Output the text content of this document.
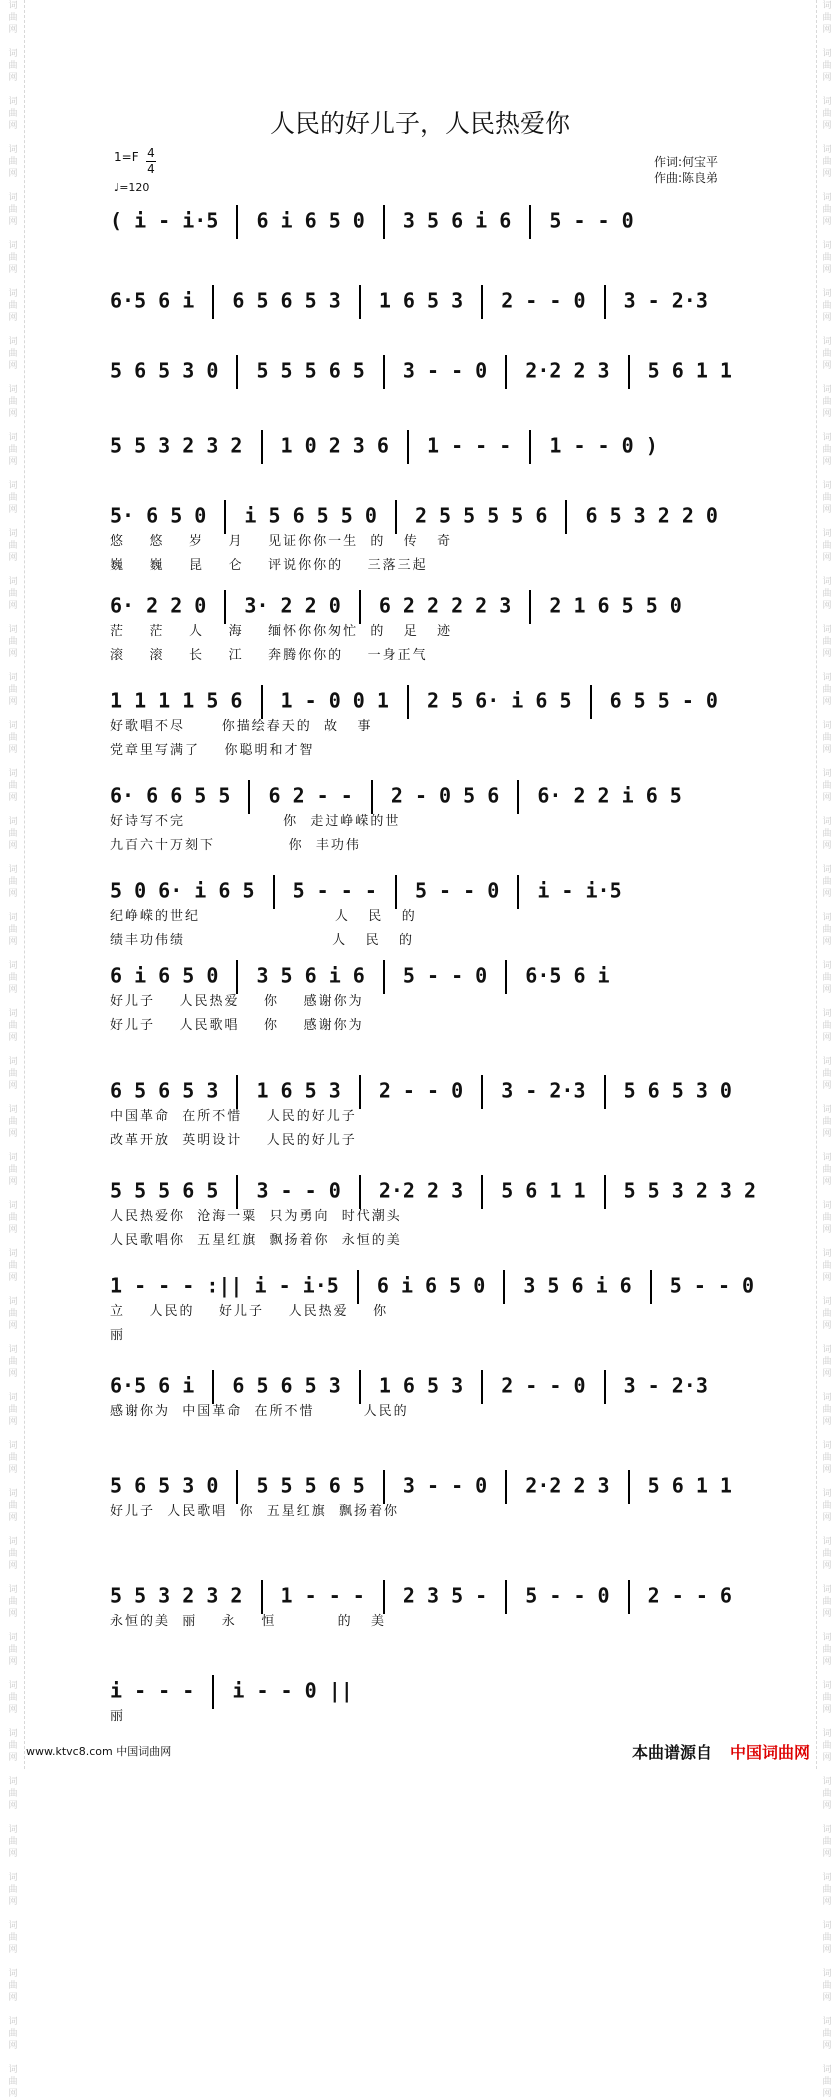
词
曲
网

词
曲
网

词
曲
网

词
曲
网

词
曲
网

词
曲
网

词
曲
网

词
曲
网

词
曲
网

词
曲
网

词
曲
网

词
曲
网

词
曲
网

词
曲
网

词
曲
网

词
曲
网

词
曲
网

词
曲
网

词
曲
网

词
曲
网

词
曲
网

词
曲
网

词
曲
网

词
曲
网

词
曲
网

词
曲
网

词
曲
网

词
曲
网

词
曲
网

词
曲
网

词
曲
网

词
曲
网

词
曲
网

词
曲
网

词
曲
网

词
曲
网

词
曲
网

词
曲
网

词
曲
网

词
曲
网

词
曲
网

词
曲
网

词
曲
网

词
曲
网

词
曲
网

词
曲
网

词
曲
网

词
曲
网

词
曲
网

词
曲
网

词
曲
网

词
曲
网

词
曲
网

词
曲
网

词
曲
网

词
曲
网

词
曲
网

词
曲
网

词
曲
网

词
曲
网

词
曲
网

词
曲
网

词
曲
网

词
曲
网

词
曲
网

词
曲
网

词
曲
网

词
曲
网

词
曲
网

词
曲
网

词
曲
网

词
曲
网

词
曲
网

词
曲
网

词
曲
网

词
曲
网

词
曲
网

词
曲
网

词
曲
网

词
曲
网

词
曲
网

词
曲
网

词
曲
网

词
曲
网

词
曲
网

词
曲
网

词
曲
网

词
曲
网

人民的好儿子，人民热爱你
1=F 4
4
♩=120
作词:何宝平
作曲:陈良弟
( i - i·5  6 i 6 5 0  3 5 6 i 6  5 - - 0
6·5 6 i  6 5 6 5 3  1 6 5 3  2 - - 0  3 - 2·3
5 6 5 3 0  5 5 5 6 5  3 - - 0  2·2 2 3  5 6 1 1
5 5 3 2 3 2  1 0 2 3 6  1 - - -  1 - - 0 )
5· 6 5 0  i 5 6 5 5 0  2 5 5 5 5 6  6 5 3 2 2 0
悠    悠    岁    月    见证你你一生  的   传   奇
巍    巍    昆    仑    评说你你的    三落三起
6· 2 2 0  3· 2 2 0  6 2 2 2 2 3  2 1 6 5 5 0
茫    茫    人    海    缅怀你你匆忙  的   足   迹
滚    滚    长    江    奔腾你你的    一身正气
1 1 1 1 5 6  1 - 0 0 1  2 5 6· i 6 5  6 5 5 - 0
好歌唱不尽      你描绘春天的  故   事
党章里写满了    你聪明和才智
6· 6 6 5 5  6 2 - -  2 - 0 5 6  6· 2 2 i 6 5
好诗写不完                你  走过峥嵘的世
九百六十万刻下            你  丰功伟
5 0 6· i 6 5  5 - - -  5 - - 0  i - i·5
纪峥嵘的世纪                      人   民   的
绩丰功伟绩                        人   民   的
6 i 6 5 0  3 5 6 i 6  5 - - 0  6·5 6 i
好儿子    人民热爱    你    感谢你为
好儿子    人民歌唱    你    感谢你为
6 5 6 5 3  1 6 5 3  2 - - 0  3 - 2·3  5 6 5 3 0
中国革命  在所不惜    人民的好儿子
改革开放  英明设计    人民的好儿子
5 5 5 6 5  3 - - 0  2·2 2 3  5 6 1 1  5 5 3 2 3 2
人民热爱你  沧海一粟  只为勇向  时代潮头
人民歌唱你  五星红旗  飘扬着你  永恒的美
1 - - - :|| i - i·5  6 i 6 5 0  3 5 6 i 6  5 - - 0
立    人民的    好儿子    人民热爱    你
丽
6·5 6 i  6 5 6 5 3  1 6 5 3  2 - - 0  3 - 2·3
感谢你为  中国革命  在所不惜        人民的
5 6 5 3 0  5 5 5 6 5  3 - - 0  2·2 2 3  5 6 1 1
好儿子  人民歌唱  你  五星红旗  飘扬着你
5 5 3 2 3 2  1 - - -  2 3 5 -  5 - - 0  2 - - 6
永恒的美  丽    永    恒          的   美
i - - -  i - - 0 ||
丽
www.ktvc8.com 中国词曲网	本曲谱源自 中国词曲网
